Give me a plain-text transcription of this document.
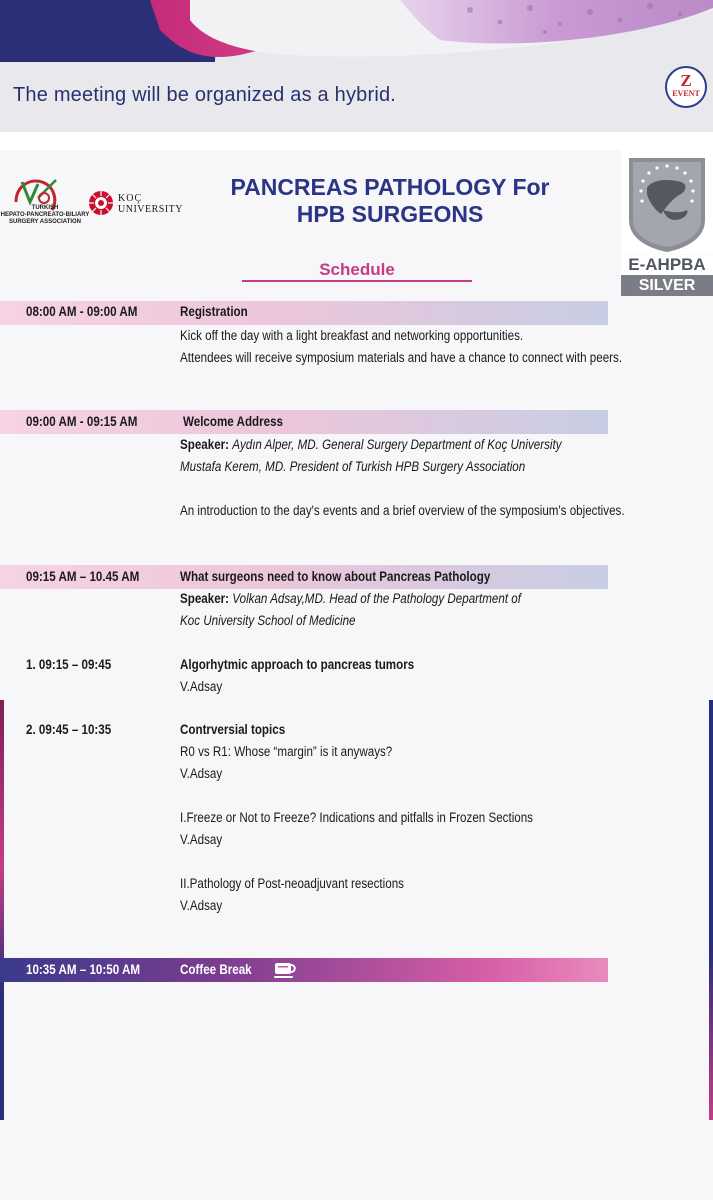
The meeting will be organized as a hybrid.
Z
EVENT
TURKISH
HEPATO-PANCREATO-BILIARY
SURGERY ASSOCIATION
KOÇ
UNIVERSITY
PANCREAS PATHOLOGY For
HPB SURGEONS
E-AHPBA
SILVER
Schedule
08:00 AM - 09:00 AM	Registration
Kick off the day with a light breakfast and networking opportunities.
Attendees will receive symposium materials and have a chance to connect with peers.
09:00 AM - 09:15 AM	Welcome Address
Speaker: Aydın Alper, MD. General Surgery Department of Koç University
Mustafa Kerem, MD. President of Turkish HPB Surgery Association
An introduction to the day's events and a brief overview of the symposium's objectives.
09:15 AM – 10.45 AM	What surgeons need to know about Pancreas Pathology
Speaker: Volkan Adsay,MD. Head of the Pathology Department of
Koc University School of Medicine
1. 09:15 – 09:45	Algorhytmic approach to pancreas tumors
V.Adsay
2. 09:45 – 10:35	Contrversial topics
R0 vs R1: Whose “margin” is it anyways?
V.Adsay
I.Freeze or Not to Freeze? Indications and pitfalls in Frozen Sections
V.Adsay
II.Pathology of Post-neoadjuvant resections
V.Adsay
10:35 AM – 10:50 AM	Coffee Break
